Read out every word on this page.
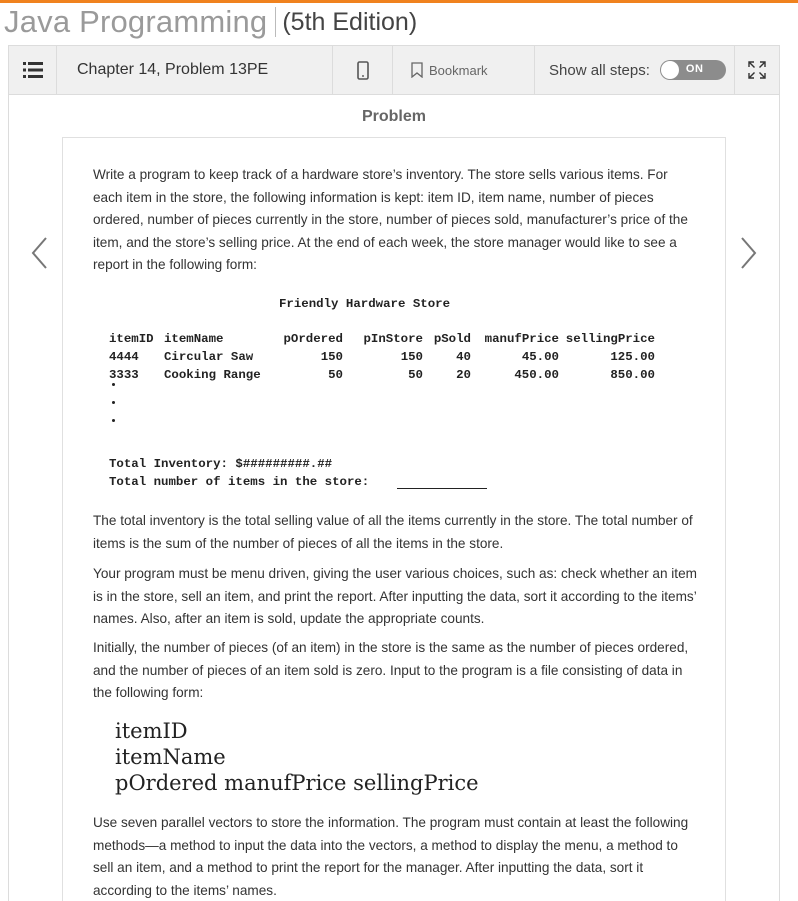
Java Programming (5th Edition)
Chapter 14, Problem 13PE	Bookmark	Show all steps:	ON
Problem

Write a program to keep track of a hardware store’s inventory. The store sells various items. For each item in the store, the following information is kept: item ID, item name, number of pieces ordered, number of pieces currently in the store, number of pieces sold, manufacturer’s price of the item, and the store’s selling price. At the end of each week, the store manager would like to see a report in the following form:

Friendly Hardware Store
itemID itemName	pOrdered pInStore pSold manufPrice sellingPrice
4444 Circular Saw	150	150	40	45.00	125.00
3333 Cooking Range	50	50	20	450.00	850.00
Total Inventory: $#########.##
Total number of items in the store:

The total inventory is the total selling value of all the items currently in the store. The total number of items is the sum of the number of pieces of all the items in the store.

Your program must be menu driven, giving the user various choices, such as: check whether an item is in the store, sell an item, and print the report. After inputting the data, sort it according to the items’ names. Also, after an item is sold, update the appropriate counts.

Initially, the number of pieces (of an item) in the store is the same as the number of pieces ordered, and the number of pieces of an item sold is zero. Input to the program is a file consisting of data in the following form:

itemID
itemName
pOrdered manufPrice sellingPrice

Use seven parallel vectors to store the information. The program must contain at least the following methods—a method to input the data into the vectors, a method to display the menu, a method to sell an item, and a method to print the report for the manager. After inputting the data, sort it according to the items’ names.
